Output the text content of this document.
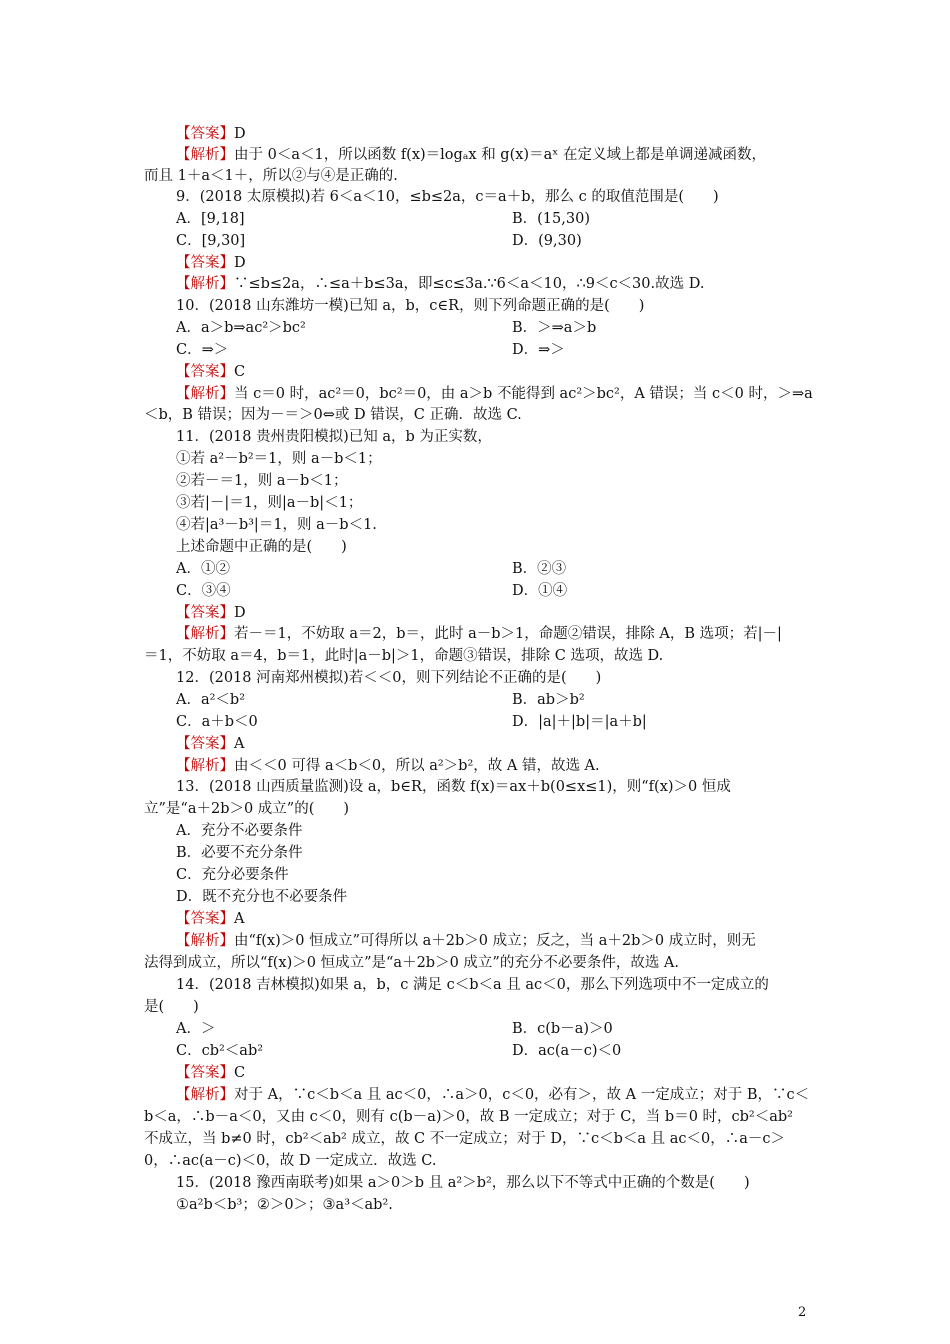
2
【答案】D
【解析】由于 0＜a＜1，所以函数 f(x)＝logₐx 和 g(x)＝aˣ 在定义域上都是单调递减函数，
而且 1＋a＜1＋，所以②与④是正确的.
9．(2018 太原模拟)若 6＜a＜10，≤b≤2a，c＝a＋b，那么 c 的取值范围是(　　)
A．[9,18]	B．(15,30)
C．[9,30]	D．(9,30)
【答案】D
【解析】∵≤b≤2a，∴≤a＋b≤3a，即≤c≤3a.∵6＜a＜10，∴9＜c＜30.故选 D.
10．(2018 山东潍坊一模)已知 a，b，c∈R，则下列命题正确的是(　　)
A．a＞b⇒ac²＞bc²	B．＞⇒a＞b
C．⇒＞	D．⇒＞
【答案】C
【解析】当 c＝0 时，ac²＝0，bc²＝0，由 a＞b 不能得到 ac²＞bc²，A 错误；当 c＜0 时，＞⇒a
＜b，B 错误；因为－＝＞0⇔或 D 错误，C 正确．故选 C.
11．(2018 贵州贵阳模拟)已知 a，b 为正实数，
①若 a²－b²＝1，则 a－b＜1；
②若－＝1，则 a－b＜1；
③若|－|＝1，则|a－b|＜1；
④若|a³－b³|＝1，则 a－b＜1.
上述命题中正确的是(　　)
A．①②	B．②③
C．③④	D．①④
【答案】D
【解析】若－＝1，不妨取 a＝2，b＝，此时 a－b＞1，命题②错误，排除 A，B 选项；若|－|
＝1，不妨取 a＝4，b＝1，此时|a－b|＞1，命题③错误，排除 C 选项，故选 D.
12．(2018 河南郑州模拟)若＜＜0，则下列结论不正确的是(　　)
A．a²＜b²	B．ab＞b²
C．a＋b＜0	D．|a|＋|b|＝|a＋b|
【答案】A
【解析】由＜＜0 可得 a＜b＜0，所以 a²＞b²，故 A 错，故选 A.
13．(2018 山西质量监测)设 a，b∈R，函数 f(x)＝ax＋b(0≤x≤1)，则“f(x)＞0 恒成
立”是“a＋2b＞0 成立”的(　　)
A．充分不必要条件
B．必要不充分条件
C．充分必要条件
D．既不充分也不必要条件
【答案】A
【解析】由“f(x)＞0 恒成立”可得所以 a＋2b＞0 成立；反之，当 a＋2b＞0 成立时，则无
法得到成立，所以“f(x)＞0 恒成立”是“a＋2b＞0 成立”的充分不必要条件，故选 A.
14．(2018 吉林模拟)如果 a，b，c 满足 c＜b＜a 且 ac＜0，那么下列选项中不一定成立的
是(　　)
A．＞	B．c(b－a)＞0
C．cb²＜ab²	D．ac(a－c)＜0
【答案】C
【解析】对于 A，∵c＜b＜a 且 ac＜0，∴a＞0，c＜0，必有＞，故 A 一定成立；对于 B，∵c＜
b＜a，∴b－a＜0，又由 c＜0，则有 c(b－a)＞0，故 B 一定成立；对于 C，当 b＝0 时，cb²＜ab²
不成立，当 b≠0 时，cb²＜ab² 成立，故 C 不一定成立；对于 D，∵c＜b＜a 且 ac＜0，∴a－c＞
0，∴ac(a－c)＜0，故 D 一定成立．故选 C.
15．(2018 豫西南联考)如果 a＞0＞b 且 a²＞b²，那么以下不等式中正确的个数是(　　)
①a²b＜b³；②＞0＞；③a³＜ab².
